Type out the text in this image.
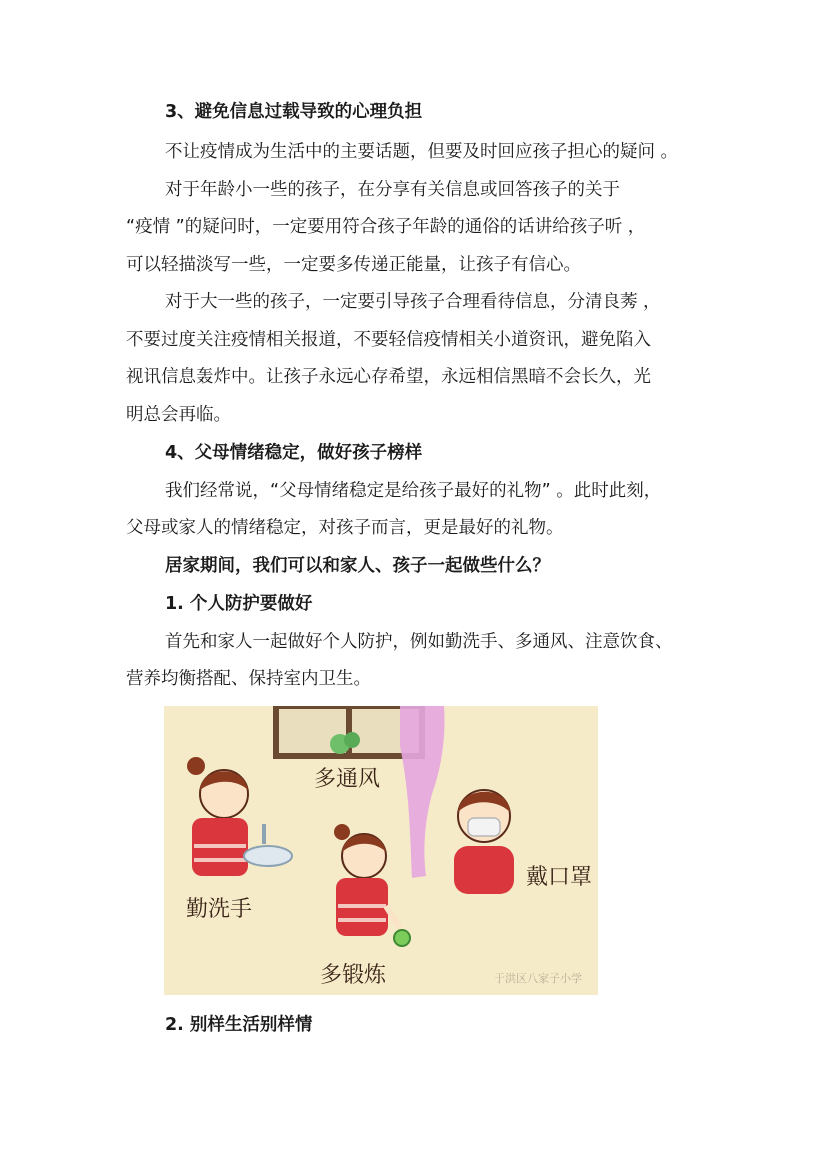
3、避免信息过载导致的心理负担
不让疫情成为生活中的主要话题，但要及时回应孩子担心的疑问 。
对于年龄小一些的孩子，在分享有关信息或回答孩子的关于
“疫情 ”的疑问时，一定要用符合孩子年龄的通俗的话讲给孩子听 ，
可以轻描淡写一些，一定要多传递正能量，让孩子有信心。
对于大一些的孩子，一定要引导孩子合理看待信息，分清良莠 ，
不要过度关注疫情相关报道，不要轻信疫情相关小道资讯，避免陷入
视讯信息轰炸中。让孩子永远心存希望，永远相信黑暗不会长久，光
明总会再临。
4、父母情绪稳定，做好孩子榜样
我们经常说，“父母情绪稳定是给孩子最好的礼物” 。此时此刻，
父母或家人的情绪稳定，对孩子而言，更是最好的礼物。
居家期间，我们可以和家人、孩子一起做些什么？
1. 个人防护要做好
首先和家人一起做好个人防护，例如勤洗手、多通风、注意饮食、
营养均衡搭配、保持室内卫生。
多通风
勤洗手
戴口罩
多锻炼	于洪区八家子小学
2. 别样生活别样情
